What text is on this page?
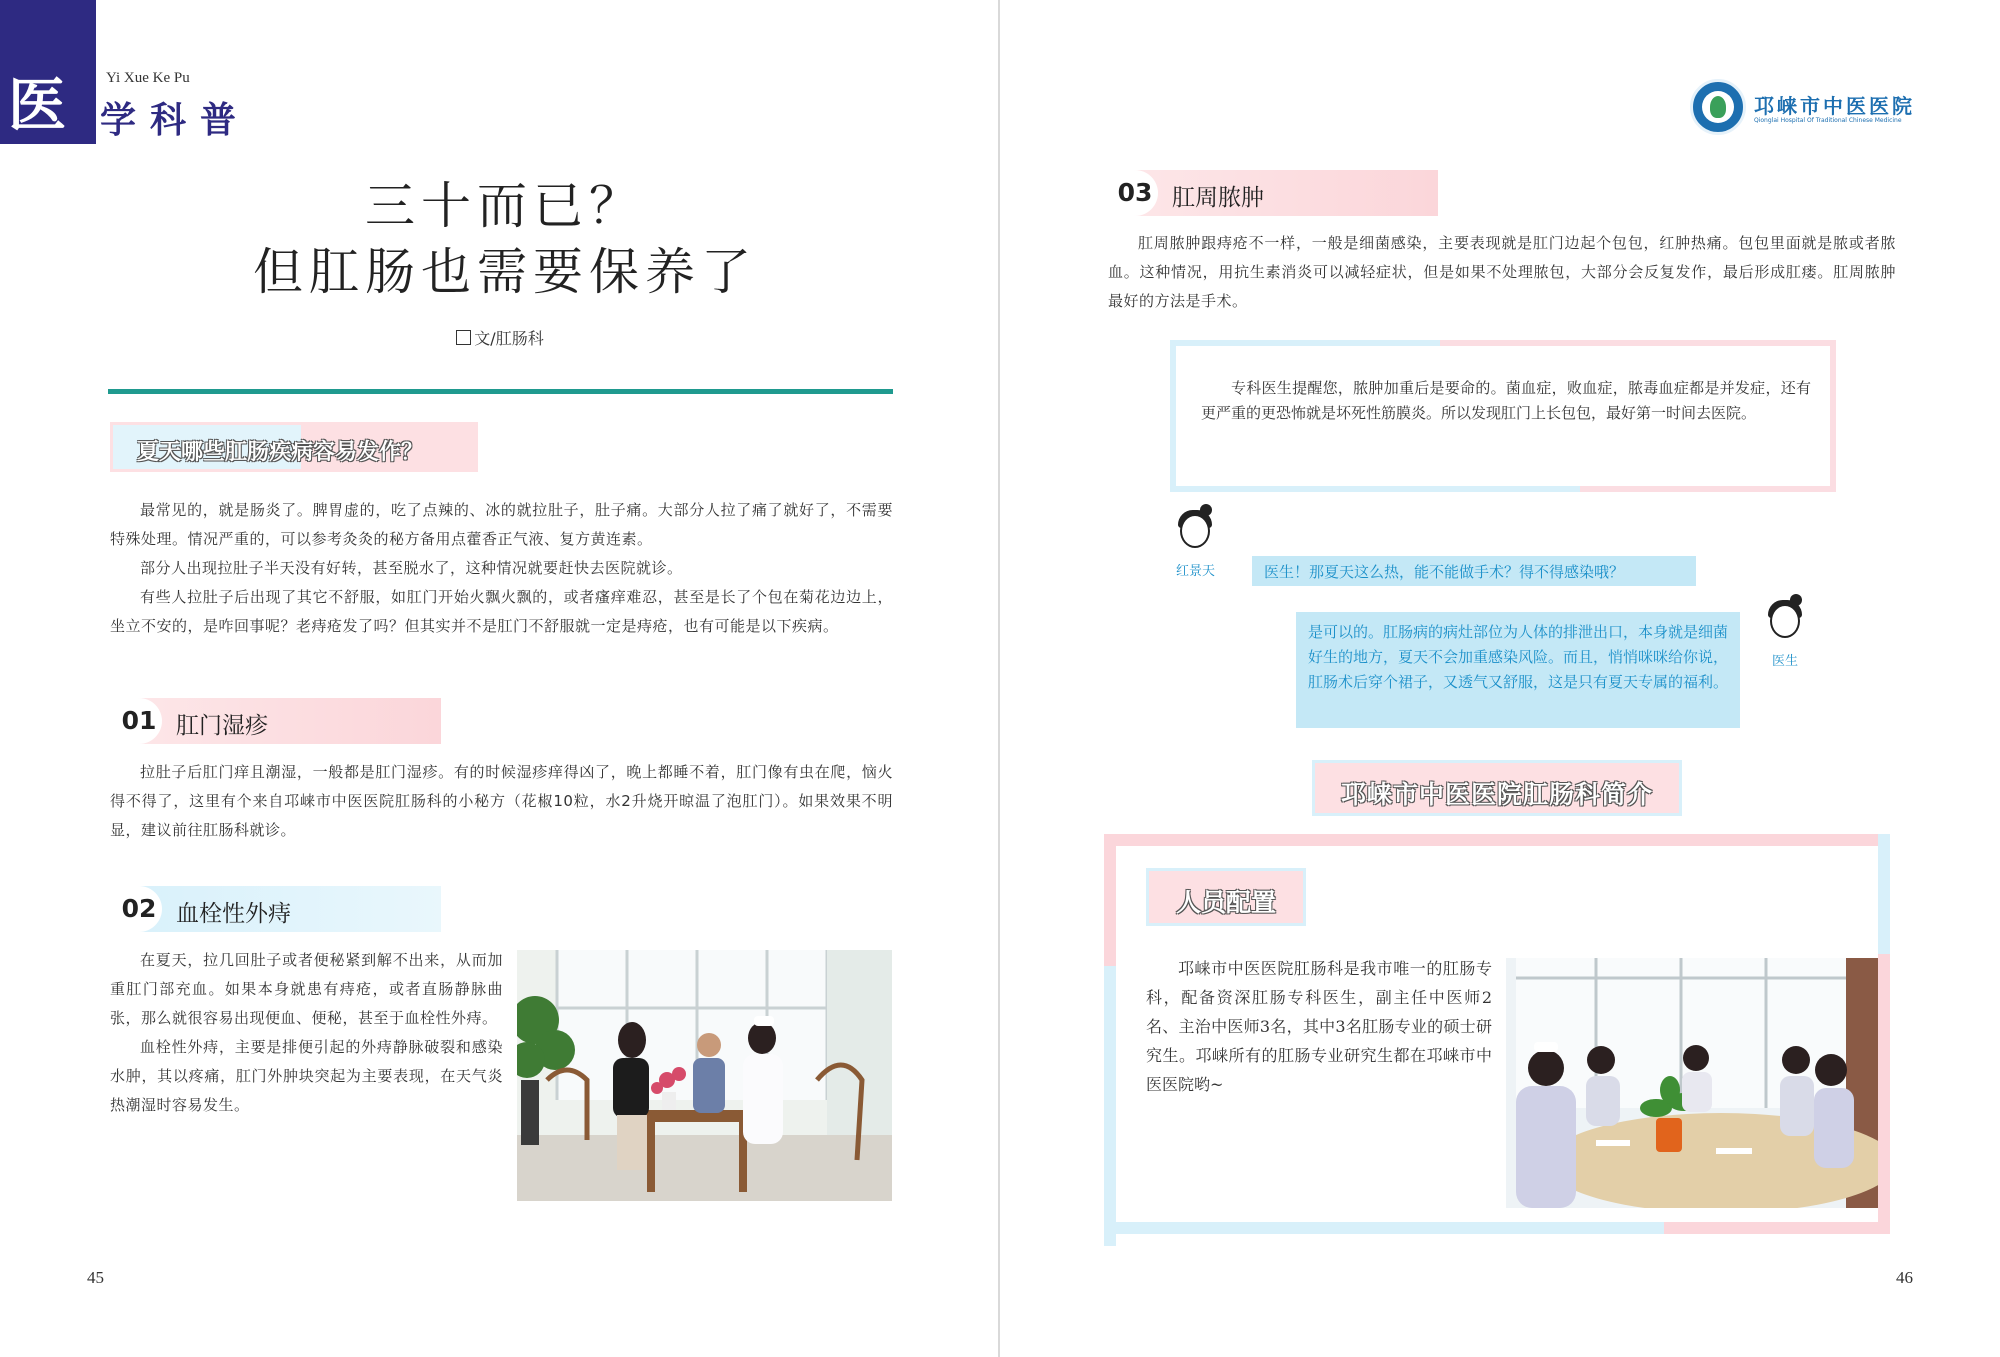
医	Yi Xue Ke Pu
学科普
三十而已？
但肛肠也需要保养了
文/肛肠科
夏天哪些肛肠疾病容易发作？

最常见的，就是肠炎了。脾胃虚的，吃了点辣的、冰的就拉肚子，肚子痛。大部分人拉了痛了就好了，不需要特殊处理。情况严重的，可以参考灸灸的秘方备用点藿香正气液、复方黄连素。

部分人出现拉肚子半天没有好转，甚至脱水了，这种情况就要赶快去医院就诊。

有些人拉肚子后出现了其它不舒服，如肛门开始火飘火飘的，或者瘙痒难忍，甚至是长了个包在菊花边边上，坐立不安的，是咋回事呢？老痔疮发了吗？但其实并不是肛门不舒服就一定是痔疮，也有可能是以下疾病。

01 肛门湿疹

拉肚子后肛门痒且潮湿，一般都是肛门湿疹。有的时候湿疹痒得凶了，晚上都睡不着，肛门像有虫在爬，恼火得不得了，这里有个来自邛崃市中医医院肛肠科的小秘方（花椒10粒，水2升烧开晾温了泡肛门）。如果效果不明显，建议前往肛肠科就诊。

02 血栓性外痔

在夏天，拉几回肚子或者便秘紧到解不出来，从而加重肛门部充血。如果本身就患有痔疮，或者直肠静脉曲张，那么就很容易出现便血、便秘，甚至于血栓性外痔。

血栓性外痔，主要是排便引起的外痔静脉破裂和感染水肿，其以疼痛，肛门外肿块突起为主要表现，在天气炎热潮湿时容易发生。

45
邛崃市中医医院
Qionglai Hospital Of Traditional Chinese Medicine
03 肛周脓肿

肛周脓肿跟痔疮不一样，一般是细菌感染，主要表现就是肛门边起个包包，红肿热痛。包包里面就是脓或者脓血。这种情况，用抗生素消炎可以减轻症状，但是如果不处理脓包，大部分会反复发作，最后形成肛瘘。肛周脓肿最好的方法是手术。

专科医生提醒您，脓肿加重后是要命的。菌血症，败血症，脓毒血症都是并发症，还有更严重的更恐怖就是坏死性筋膜炎。所以发现肛门上长包包，最好第一时间去医院。

红景天	医生！那夏天这么热，能不能做手术？得不得感染哦？

是可以的。肛肠病的病灶部位为人体的排泄出口，本身就是细菌好生的地方，夏天不会加重感染风险。而且，悄悄咪咪给你说，肛肠术后穿个裙子，又透气又舒服，这是只有夏天专属的福利。

医生
邛崃市中医医院肛肠科简介
人员配置

邛崃市中医医院肛肠科是我市唯一的肛肠专科，配备资深肛肠专科医生，副主任中医师2名、主治中医师3名，其中3名肛肠专业的硕士研究生。邛崃所有的肛肠专业研究生都在邛崃市中医医院哟~

46
